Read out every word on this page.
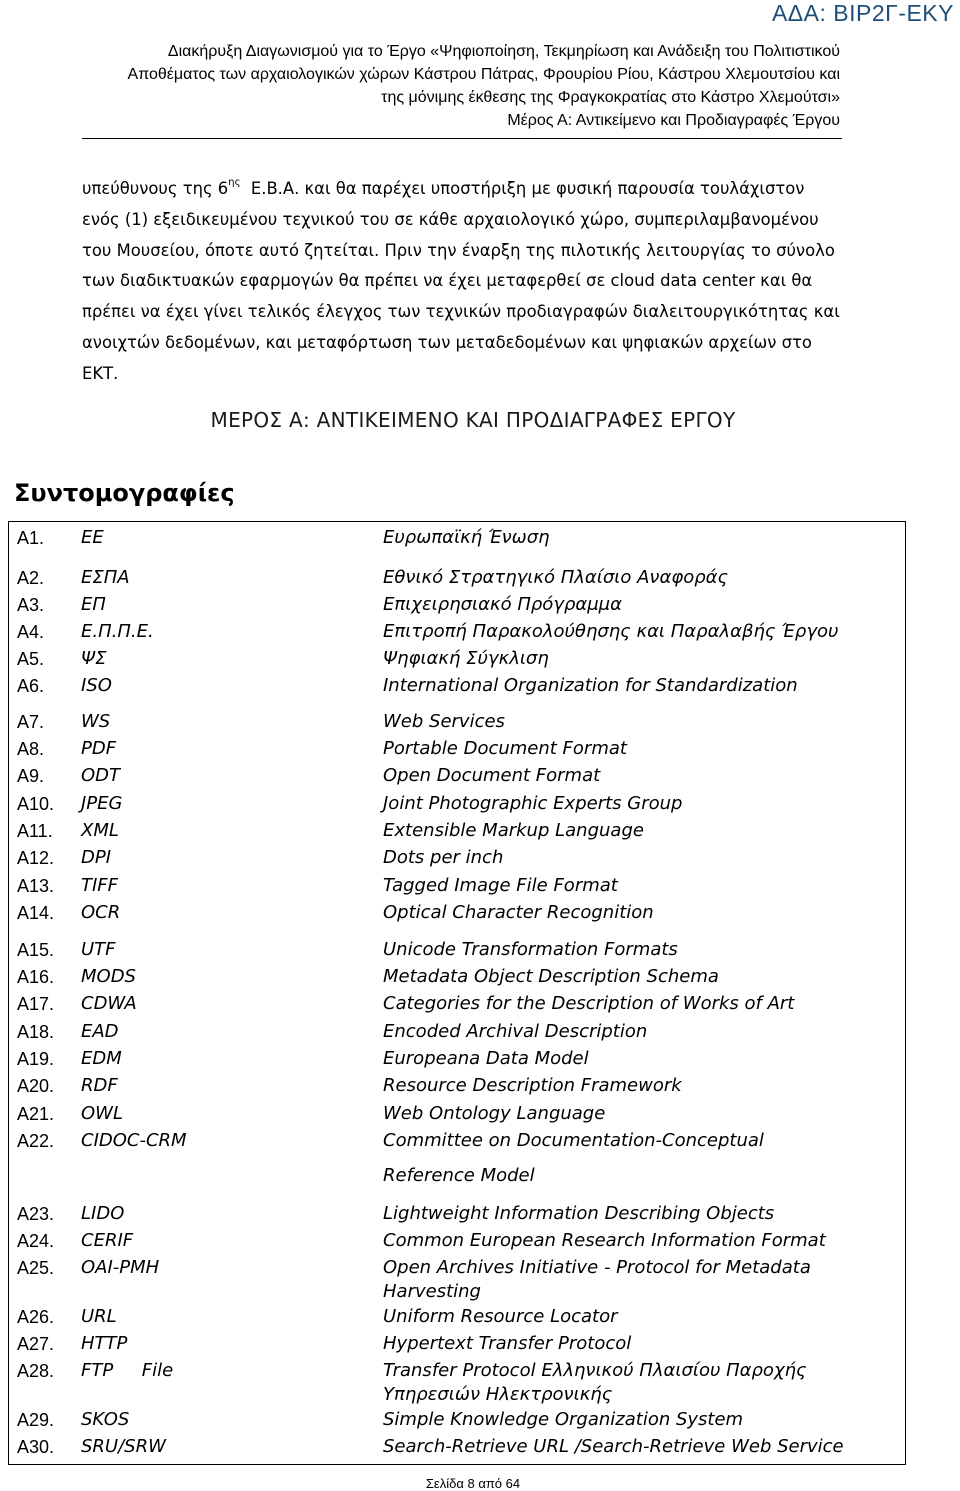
ΑΔΑ: ΒΙΡ2Γ-ΕΚΥ
Διακήρυξη Διαγωνισμού για το Έργο «Ψηφιοποίηση, Τεκμηρίωση και Ανάδειξη του Πολιτιστικού
Αποθέματος των αρχαιολογικών χώρων Κάστρου Πάτρας, Φρουρίου Ρίου, Κάστρου Χλεμουτσίου και
της μόνιμης έκθεσης της Φραγκοκρατίας στο Κάστρο Χλεμούτσι»
Μέρος Α: Αντικείμενο και Προδιαγραφές Έργου
υπεύθυνους της $6^{\eta\varsigma}$  Ε.Β.Α. και θα παρέχει υποστήριξη με φυσική παρουσία τουλάχιστον
ενός (1) εξειδικευμένου τεχνικού του σε κάθε αρχαιολογικό χώρο, συμπεριλαμβανομένου
του Μουσείου, όποτε αυτό ζητείται. Πριν την έναρξη της πιλοτικής λειτουργίας το σύνολο
των διαδικτυακών εφαρμογών θα πρέπει να έχει μεταφερθεί σε cloud data center και θα
πρέπει να έχει γίνει τελικός έλεγχος των τεχνικών προδιαγραφών διαλειτουργικότητας και
ανοιχτών δεδομένων, και μεταφόρτωση των μεταδεδομένων και ψηφιακών αρχείων στο
ΕΚΤ.
ΜΕΡΟΣ Α: ΑΝΤΙΚΕΙΜΕΝΟ ΚΑΙ ΠΡΟΔΙΑΓΡΑΦΕΣ ΕΡΓΟΥ
Συντομογραφίες
Α1. ΕΕ	Ευρωπαϊκή Ένωση
Α2. ΕΣΠΑ	Εθνικό Στρατηγικό Πλαίσιο Αναφοράς
Α3. ΕΠ	Επιχειρησιακό Πρόγραμμα
Α4. Ε.Π.Π.Ε.	Επιτροπή Παρακολούθησης και Παραλαβής Έργου
Α5. ΨΣ	Ψηφιακή Σύγκλιση
Α6. ISO	International Organization for Standardization
Α7. WS	Web Services
Α8. PDF	Portable Document Format
Α9. ODT	Open Document Format
Α10. JPEG	Joint Photographic Experts Group
Α11. XML	Extensible Markup Language
Α12. DPI	Dots per inch
Α13. TIFF	Tagged Image File Format
Α14. OCR	Optical Character Recognition
Α15. UTF	Unicode Transformation Formats
Α16. MODS	Metadata Object Description Schema
Α17. CDWA	Categories for the Description of Works of Art
Α18. EAD	Encoded Archival Description
Α19. EDM	Europeana Data Model
Α20. RDF	Resource Description Framework
Α21. OWL	Web Ontology Language
Α22. CIDOC-CRM	Committee on Documentation-Conceptual
Reference Model
Α23. LIDO	Lightweight Information Describing Objects
Α24. CERIF	Common European Research Information Format
Α25. OAI-PMH	Open Archives Initiative - Protocol for Metadata
Harvesting
Α26. URL	Uniform Resource Locator
Α27. HTTP	Hypertext Transfer Protocol
Α28. FTP     File	Transfer Protocol Ελληνικού Πλαισίου Παροχής
Υπηρεσιών Ηλεκτρονικής
Α29. SKOS	Simple Knowledge Organization System
Α30. SRU/SRW	Search-Retrieve URL /Search-Retrieve Web Service
Σελίδα 8 από 64
